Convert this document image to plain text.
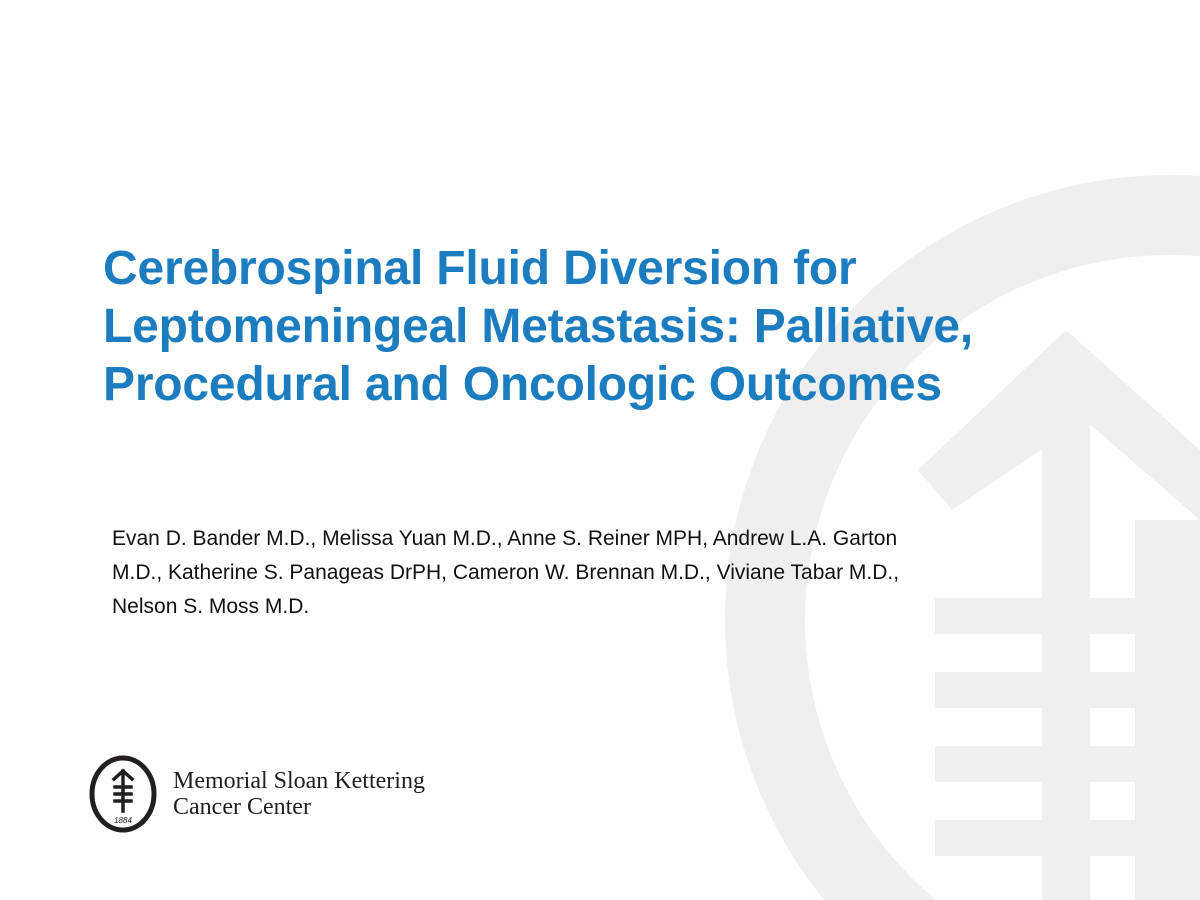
Cerebrospinal Fluid Diversion for
Leptomeningeal Metastasis: Palliative,
Procedural and Oncologic Outcomes
Evan D. Bander M.D., Melissa Yuan M.D., Anne S. Reiner MPH, Andrew L.A. Garton
M.D., Katherine S. Panageas DrPH, Cameron W. Brennan M.D., Viviane Tabar M.D.,
Nelson S. Moss M.D.
1884
Memorial Sloan Kettering
Cancer Center
